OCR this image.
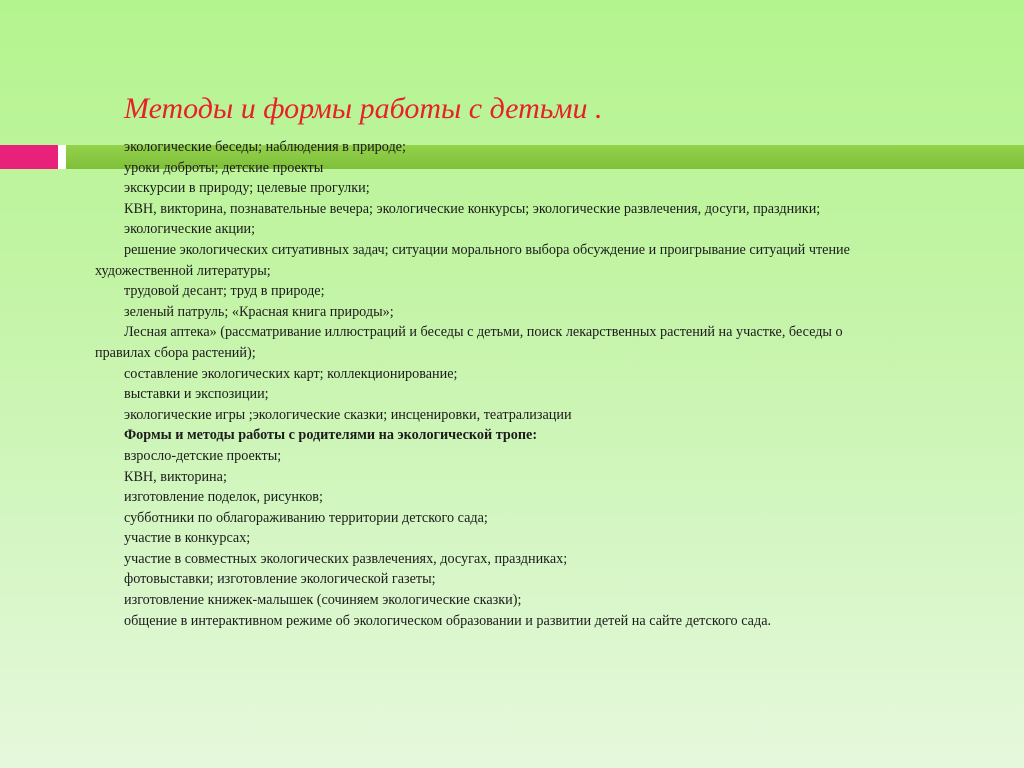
Методы и формы работы с детьми .

экологические беседы; наблюдения в природе;

уроки доброты; детские проекты

экскурсии в природу; целевые прогулки;

КВН, викторина, познавательные вечера; экологические конкурсы; экологические развлечения, досуги, праздники;

экологические акции;

решение экологических ситуативных задач; ситуации морального выбора обсуждение и проигрывание ситуаций чтение художественной литературы;

трудовой десант; труд в природе;

зеленый патруль; «Красная книга природы»;

Лесная аптека» (рассматривание иллюстраций и беседы с детьми, поиск лекарственных растений на участке, беседы о правилах сбора растений);

составление экологических карт; коллекционирование;

выставки и экспозиции;

экологические игры ;экологические сказки; инсценировки, театрализации

Формы и методы работы с родителями на экологической тропе:

взросло-детские проекты;

КВН, викторина;

изготовление поделок, рисунков;

субботники по облагораживанию территории детского сада;

участие в конкурсах;

участие в совместных экологических развлечениях, досугах, праздниках;

фотовыставки; изготовление экологической газеты;

изготовление книжек-малышек (сочиняем экологические сказки);

общение в интерактивном режиме об экологическом образовании и развитии детей на сайте детского сада.
